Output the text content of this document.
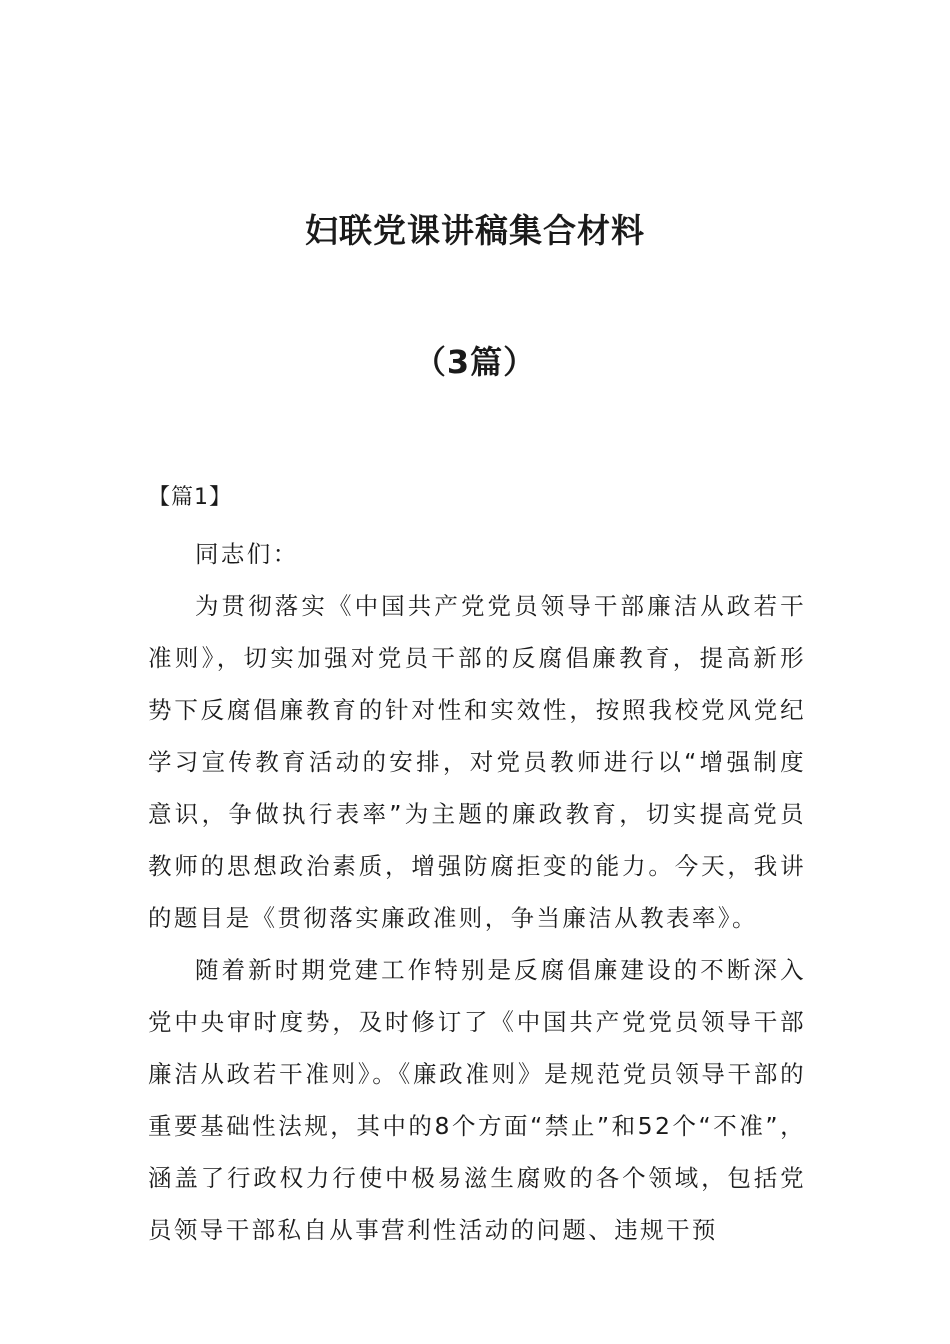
妇联党课讲稿集合材料
（3篇）
【篇1】

同志们：

为贯彻落实《中国共产党党员领导干部廉洁从政若干准则》，切实加强对党员干部的反腐倡廉教育，提高新形势下反腐倡廉教育的针对性和实效性，按照我校党风党纪学习宣传教育活动的安排，对党员教师进行以“增强制度意识，争做执行表率”为主题的廉政教育，切实提高党员教师的思想政治素质，增强防腐拒变的能力。今天，我讲的题目是《贯彻落实廉政准则，争当廉洁从教表率》。

随着新时期党建工作特别是反腐倡廉建设的不断深入党中央审时度势，及时修订了《中国共产党党员领导干部廉洁从政若干准则》。《廉政准则》是规范党员领导干部的重要基础性法规，其中的8个方面“禁止”和52个“不准”，涵盖了行政权力行使中极易滋生腐败的各个领域，包括党员领导干部私自从事营利性活动的问题、违规干预
